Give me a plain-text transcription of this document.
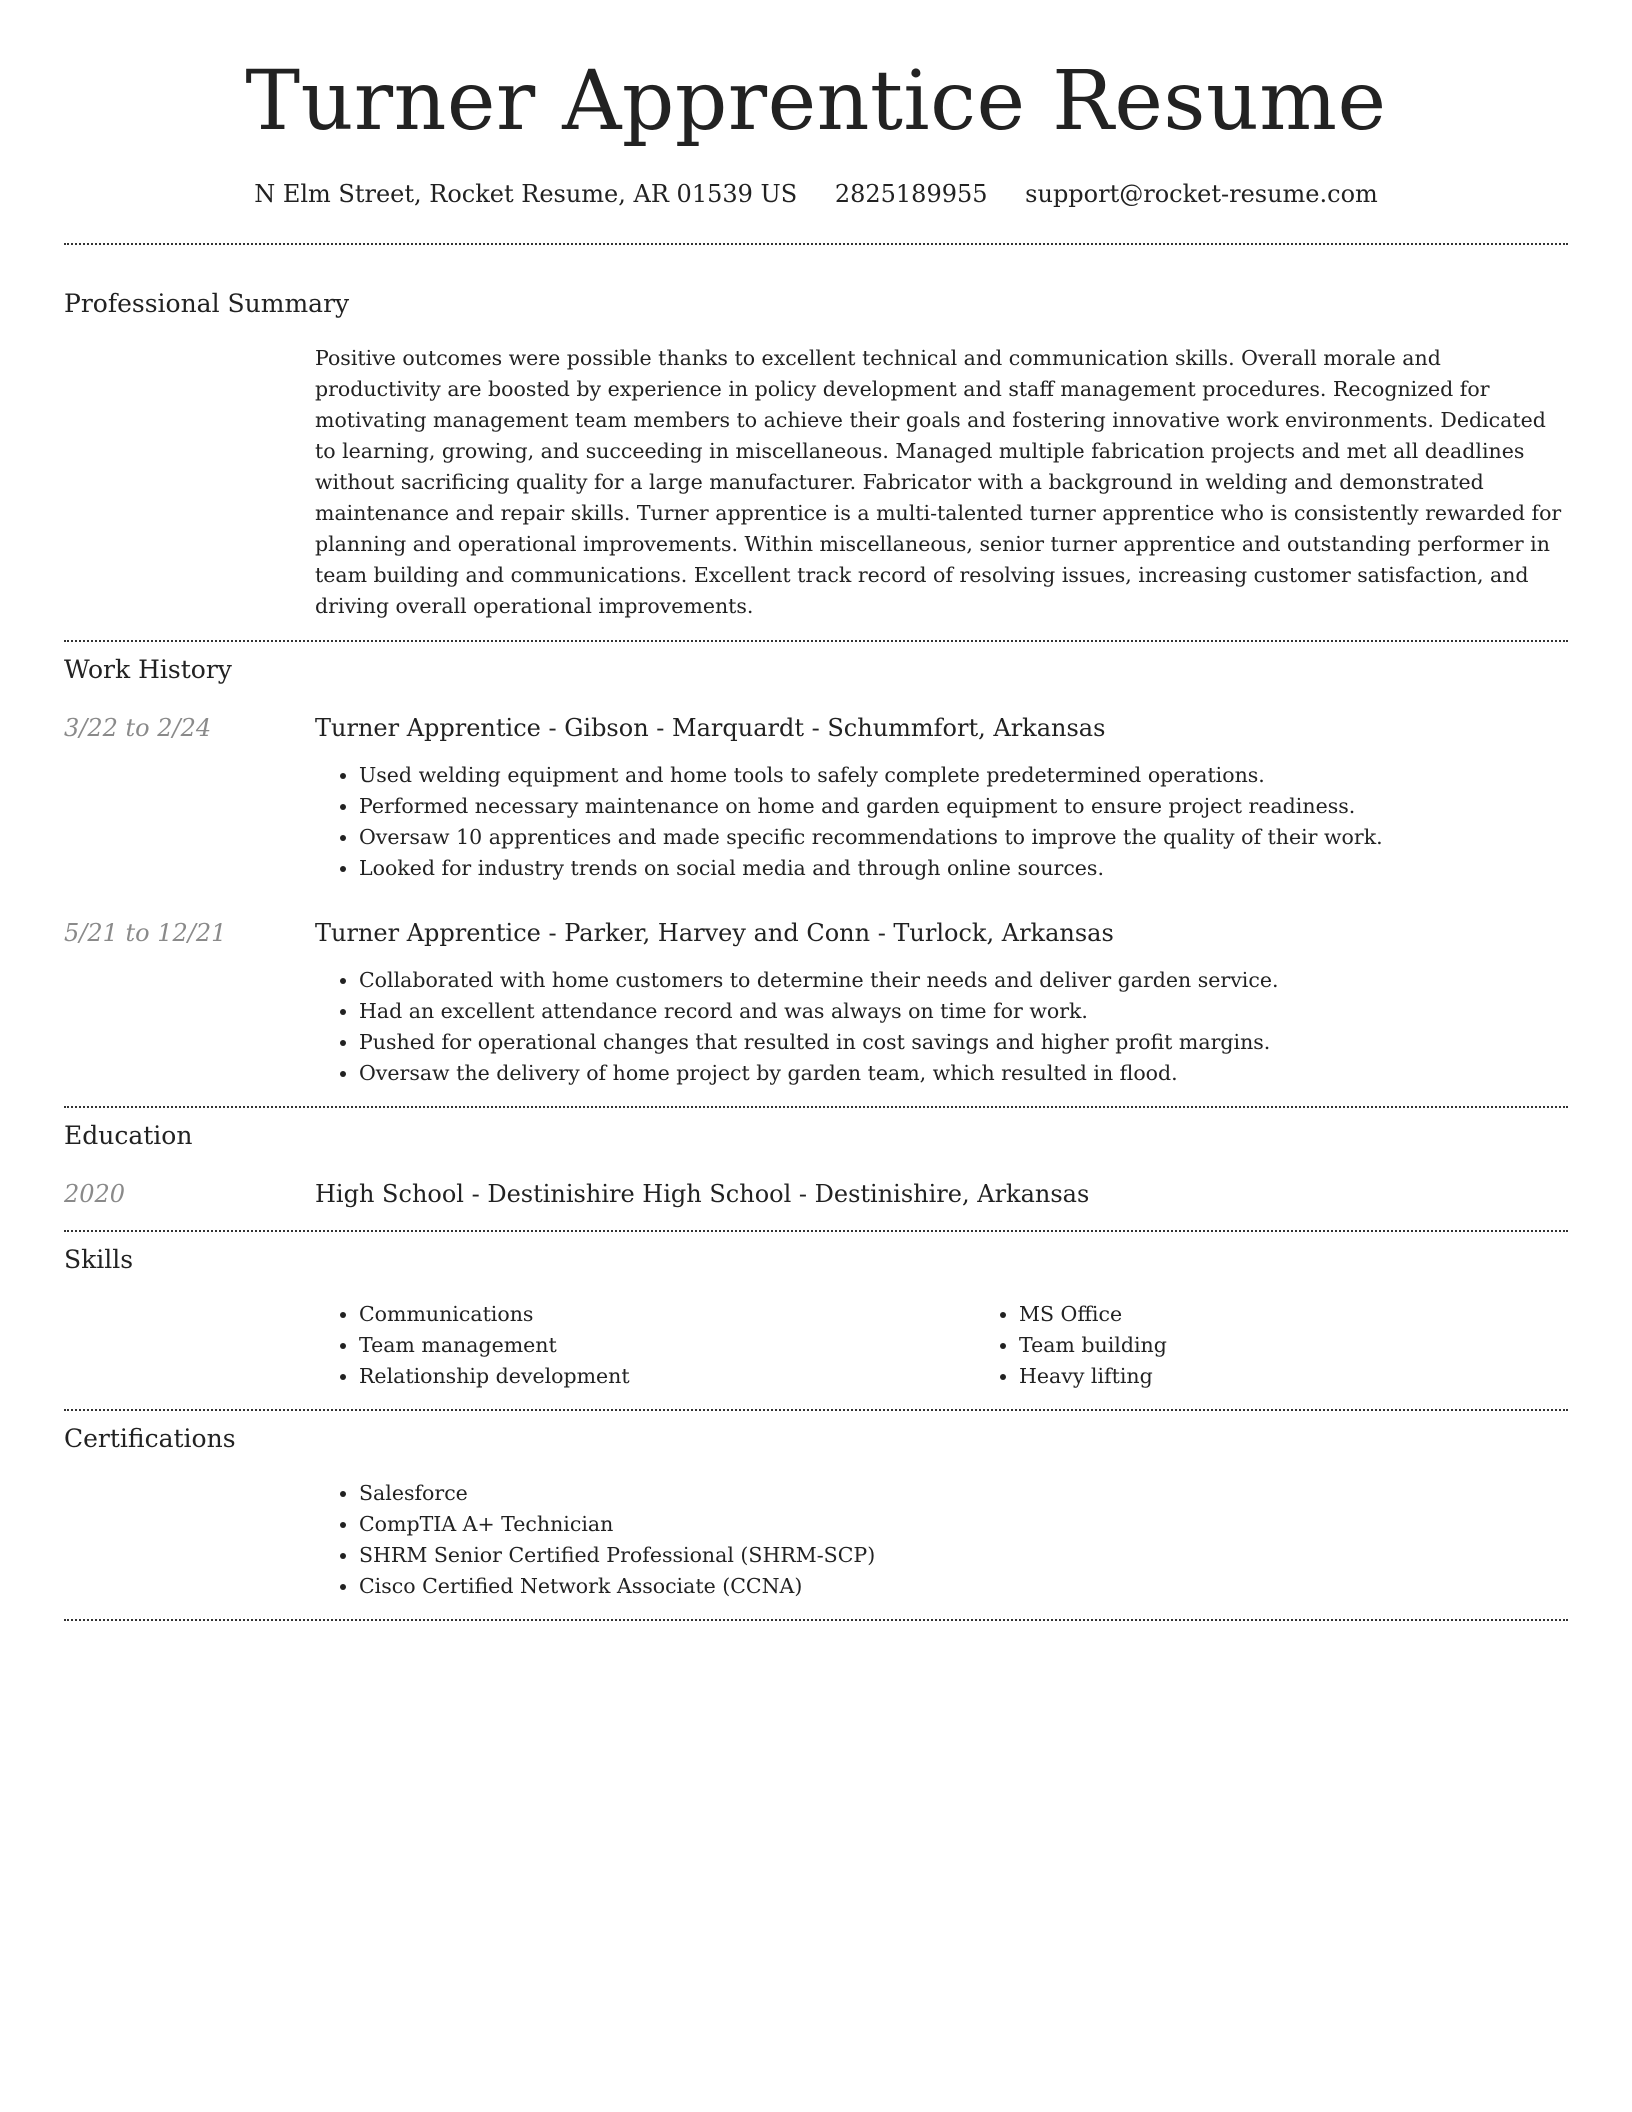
Turner Apprentice Resume
N Elm Street, Rocket Resume, AR 01539 US 2825189955 support@rocket-resume.com
Professional Summary

Positive outcomes were possible thanks to excellent technical and communication skills. Overall morale and productivity are boosted by experience in policy development and staff management procedures. Recognized for motivating management team members to achieve their goals and fostering innovative work environments. Dedicated to learning, growing, and succeeding in miscellaneous. Managed multiple fabrication projects and met all deadlines without sacrificing quality for a large manufacturer. Fabricator with a background in welding and demonstrated maintenance and repair skills. Turner apprentice is a multi-talented turner apprentice who is consistently rewarded for planning and operational improvements. Within miscellaneous, senior turner apprentice and outstanding performer in team building and communications. Excellent track record of resolving issues, increasing customer satisfaction, and driving overall operational improvements.

Work History
3/22 to 2/24	Turner Apprentice - Gibson - Marquardt - Schummfort, Arkansas
• Used welding equipment and home tools to safely complete predetermined operations.
• Performed necessary maintenance on home and garden equipment to ensure project readiness.
• Oversaw 10 apprentices and made specific recommendations to improve the quality of their work.
• Looked for industry trends on social media and through online sources.
5/21 to 12/21	Turner Apprentice - Parker, Harvey and Conn - Turlock, Arkansas
• Collaborated with home customers to determine their needs and deliver garden service.
• Had an excellent attendance record and was always on time for work.
• Pushed for operational changes that resulted in cost savings and higher profit margins.
• Oversaw the delivery of home project by garden team, which resulted in flood.
Education
2020	High School - Destinishire High School - Destinishire, Arkansas
Skills
• Communications
• Team management
• Relationship development
• MS Office
• Team building
• Heavy lifting
Certifications
• Salesforce
• CompTIA A+ Technician
• SHRM Senior Certified Professional (SHRM-SCP)
• Cisco Certified Network Associate (CCNA)
